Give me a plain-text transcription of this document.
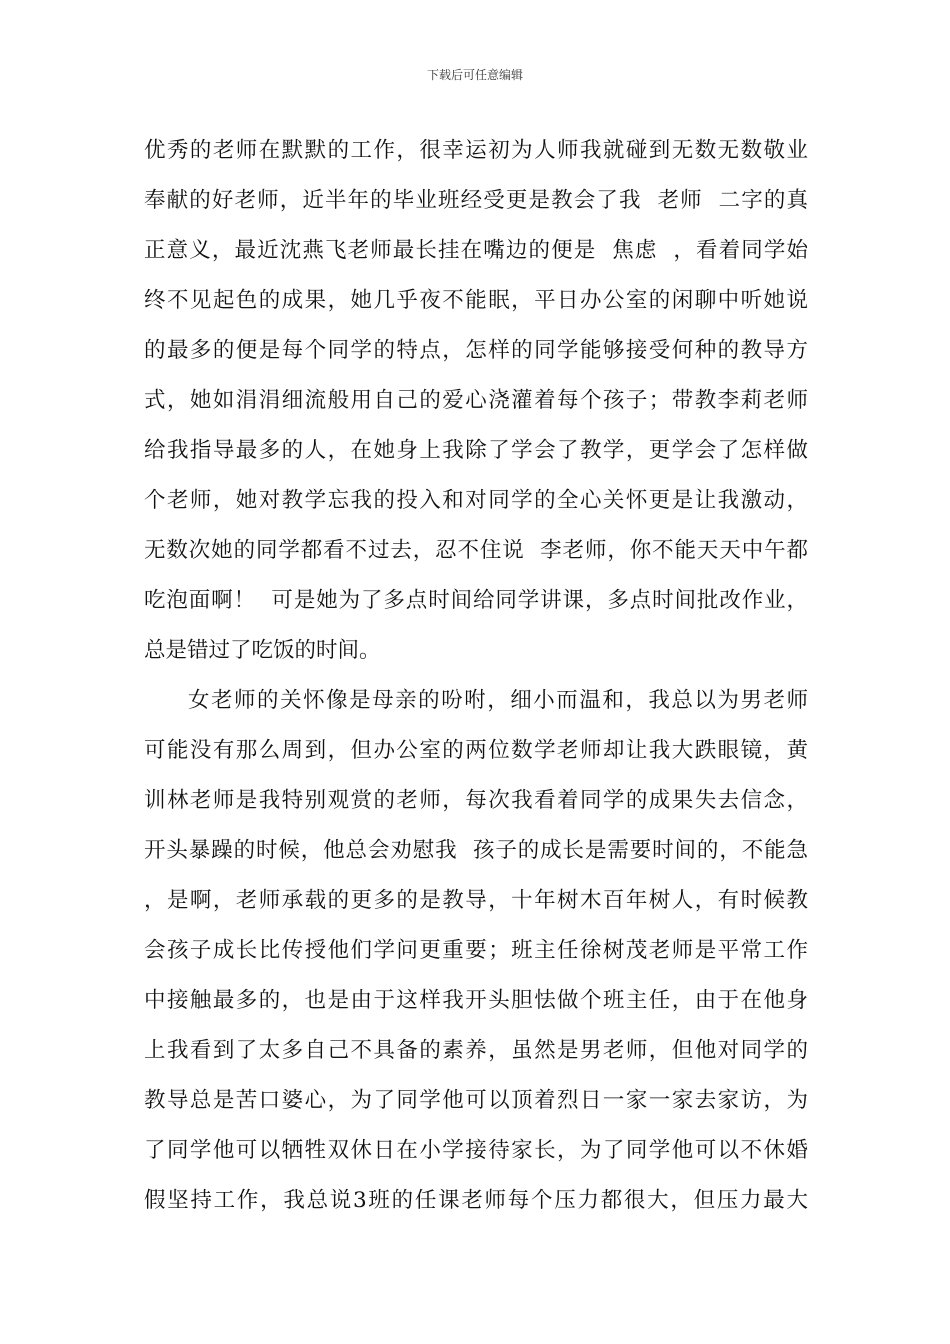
下载后可任意编辑
优秀的老师在默默的工作，很幸运初为人师我就碰到无数无数敬业
奉献的好老师，近半年的毕业班经受更是教会了我  老师  二字的真
正意义，最近沈燕飞老师最长挂在嘴边的便是  焦虑  ，看着同学始
终不见起色的成果，她几乎夜不能眠，平日办公室的闲聊中听她说
的最多的便是每个同学的特点，怎样的同学能够接受何种的教导方
式，她如涓涓细流般用自己的爱心浇灌着每个孩子；带教李莉老师
给我指导最多的人，在她身上我除了学会了教学，更学会了怎样做
个老师，她对教学忘我的投入和对同学的全心关怀更是让我激动，
无数次她的同学都看不过去，忍不住说  李老师，你不能天天中午都
吃泡面啊！  可是她为了多点时间给同学讲课，多点时间批改作业，
总是错过了吃饭的时间。
女老师的关怀像是母亲的吩咐，细小而温和，我总以为男老师
可能没有那么周到，但办公室的两位数学老师却让我大跌眼镜，黄
训林老师是我特别观赏的老师，每次我看着同学的成果失去信念，
开头暴躁的时候，他总会劝慰我  孩子的成长是需要时间的，不能急
，是啊，老师承载的更多的是教导，十年树木百年树人，有时候教
会孩子成长比传授他们学问更重要；班主任徐树茂老师是平常工作
中接触最多的，也是由于这样我开头胆怯做个班主任，由于在他身
上我看到了太多自己不具备的素养，虽然是男老师，但他对同学的
教导总是苦口婆心，为了同学他可以顶着烈日一家一家去家访，为
了同学他可以牺牲双休日在小学接待家长，为了同学他可以不休婚
假坚持工作，我总说3班的任课老师每个压力都很大，但压力最大
